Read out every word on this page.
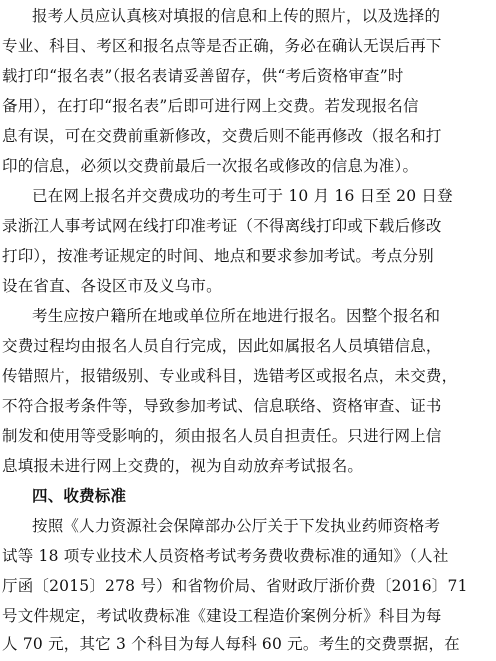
报考人员应认真核对填报的信息和上传的照片，以及选择的
专业、科目、考区和报名点等是否正确，务必在确认无误后再下
载打印“报名表”（报名表请妥善留存，供“考后资格审查”时
备用），在打印“报名表”后即可进行网上交费。若发现报名信
息有误，可在交费前重新修改，交费后则不能再修改（报名和打
印的信息，必须以交费前最后一次报名或修改的信息为准）。
已在网上报名并交费成功的考生可于 10 月 16 日至 20 日登
录浙江人事考试网在线打印准考证（不得离线打印或下载后修改
打印），按准考证规定的时间、地点和要求参加考试。考点分别
设在省直、各设区市及义乌市。
考生应按户籍所在地或单位所在地进行报名。因整个报名和
交费过程均由报名人员自行完成，因此如属报名人员填错信息，
传错照片，报错级别、专业或科目，选错考区或报名点，未交费，
不符合报考条件等，导致参加考试、信息联络、资格审查、证书
制发和使用等受影响的，须由报名人员自担责任。只进行网上信
息填报未进行网上交费的，视为自动放弃考试报名。
四、收费标准
按照《人力资源社会保障部办公厅关于下发执业药师资格考
试等 18 项专业技术人员资格考试考务费收费标准的通知》（人社
厅函〔2015〕278 号）和省物价局、省财政厅浙价费〔2016〕71
号文件规定，考试收费标准《建设工程造价案例分析》科目为每
人 70 元，其它 3 个科目为每人每科 60 元。考生的交费票据，在
